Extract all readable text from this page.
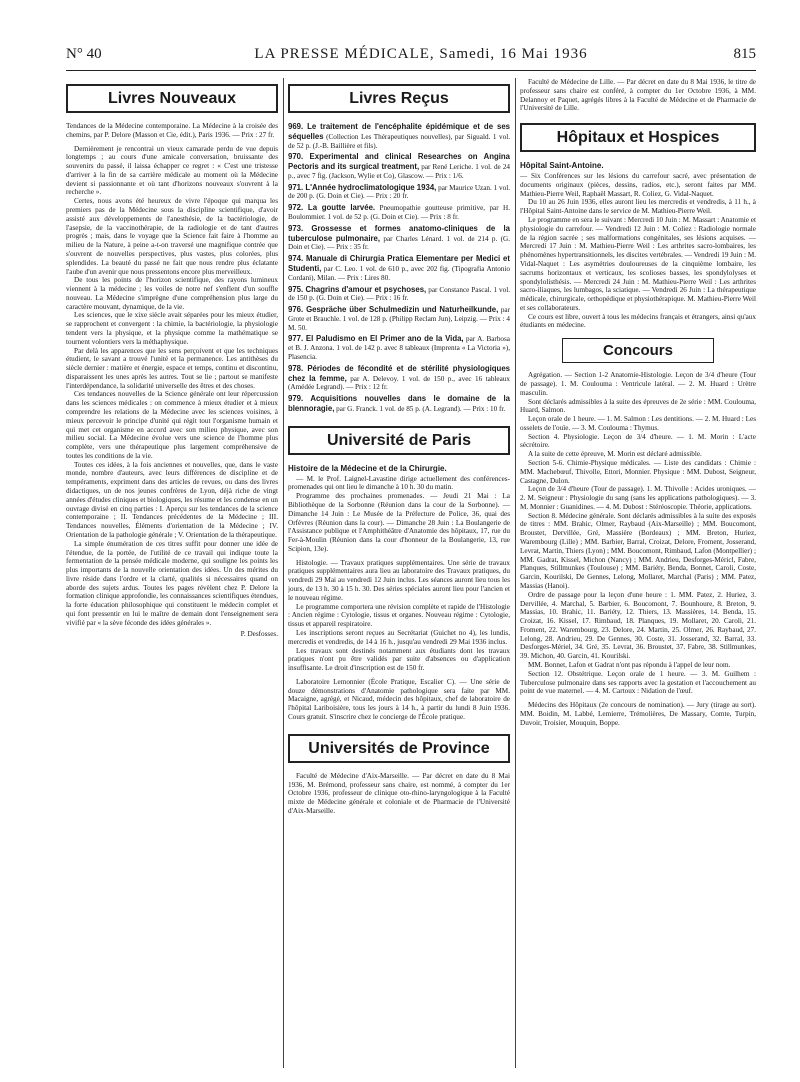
N° 40	LA PRESSE MÉDICALE, Samedi, 16 Mai 1936	815
Livres Nouveaux

Tendances de la Médecine contemporaine. La Médecine à la croisée des chemins, par P. Delore (Masson et Cie, édit.), Paris 1936. — Prix : 27 fr.

Dernièrement je rencontrai un vieux camarade perdu de vue depuis longtemps ; au cours d'une amicale conversation, bruissante des souvenirs du passé, il laissa échapper ce regret : « C'est une tristesse d'arriver à la fin de sa carrière médicale au moment où la Médecine devient si passionnante et où tant d'horizons nouveaux s'ouvrent à la recherche ».

Certes, nous avons été heureux de vivre l'époque qui marqua les premiers pas de la Médecine sous la discipline scientifique, d'avoir assisté aux développements de l'anesthésie, de la bactériologie, de l'asepsie, de la vaccinothérapie, de la radiologie et de tant d'autres progrès ; mais, dans le voyage que la Science fait faire à l'homme au milieu de la Nature, à peine a-t-on traversé une magnifique contrée que s'ouvrent de nouvelles perspectives, plus vastes, plus colorées, plus splendides. La beauté du passé ne fait que nous rendre plus éclatante l'aube d'un avenir que nous pressentons encore plus merveilleux.

De tous les points de l'horizon scientifique, des rayons lumineux viennent à la médecine ; les voiles de notre nef s'enflent d'un souffle nouveau. La Médecine s'imprègne d'une compréhension plus large du caractère mouvant, dynamique, de la vie.

Les sciences, que le xixe siècle avait séparées pour les mieux étudier, se rapprochent et convergent : la chimie, la bactériologie, la physiologie tendent vers la physique, et la physique comme la mathématique se tournent volontiers vers la méthaphysique.

Par delà les apparences que les sens perçoivent et que les techniques étudient, le savant a trouvé l'unité et la permanence. Les antithèses du siècle dernier : matière et énergie, espace et temps, continu et discontinu, disparaissent les unes après les autres. Tout se lie ; partout se manifeste l'interdépendance, la solidarité universelle des êtres et des choses.

Ces tendances nouvelles de la Science générale ont leur répercussion dans les sciences médicales : on commence à mieux étudier et à mieux comprendre les relations de la Médecine avec les sciences voisines, à mieux percevoir le principe d'unité qui régit tout l'organisme humain et qui met cet organisme en accord avec son milieu physique, avec son milieu social. La Médecine évolue vers une science de l'homme plus complète, vers une thérapeutique plus largement compréhensive de toutes les conditions de la vie.

Toutes ces idées, à la fois anciennes et nouvelles, que, dans le vaste monde, nombre d'auteurs, avec leurs différences de discipline et de tempéraments, expriment dans des articles de revues, ou dans des livres didactiques, un de nos jeunes confrères de Lyon, déjà riche de vingt années d'études cliniques et biologiques, les résume et les condense en un ouvrage divisé en cinq parties : I. Aperçu sur les tendances de la science contemporaine ; II. Tendances précédentes de la Médecine ; III. Tendances nouvelles, Éléments d'orientation de la Médecine ; IV. Orientation de la pathologie générale ; V. Orientation de la thérapeutique.

La simple énumération de ces titres suffit pour donner une idée de l'étendue, de la portée, de l'utilité de ce travail qui indique toute la fermentation de la pensée médicale moderne, qui souligne les points les plus importants de la nouvelle orientation des idées. Un des mérites du livre réside dans l'ordre et la clarté, qualités si nécessaires quand on aborde des sujets ardus. Toutes les pages révèlent chez P. Delore la formation clinique approfondie, les connaissances scientifiques étendues, la forte éducation philosophique qui constituent le médecin complet et qui font pressentir en lui le maître de demain dont l'enseignement sera vivifié par « la sève féconde des idées générales ».

P. Desfosses.
Livres Reçus
969. Le traitement de l'encéphalite épidémique et de ses séquelles (Collection Les Thérapeutiques nouvelles), par Siguald. 1 vol. de 52 p. (J.-B. Baillière et fils).
970. Experimental and clinical Researches on Angina Pectoris and its surgical treatment, par René Leriche. 1 vol. de 24 p., avec 7 fig. (Jackson, Wylie et Co), Glascow. — Prix : 1/6.
971. L'Année hydroclimatologique 1934, par Maurice Uzan. 1 vol. de 200 p. (G. Doin et Cie). — Prix : 20 fr.
972. La goutte larvée. Pneumopathie goutteuse primitive, par H. Boulommier. 1 vol. de 52 p. (G. Doin et Cie). — Prix : 8 fr.
973. Grossesse et formes anatomo-cliniques de la tuberculose pulmonaire, par Charles Lénard. 1 vol. de 214 p. (G. Doin et Cie). — Prix : 35 fr.
974. Manuale di Chirurgia Pratica Elementare per Medici et Studenti, par C. Leo. 1 vol. de 610 p., avec 202 fig. (Tipografia Antonio Cordani), Milan. — Prix : Lires 80.
975. Chagrins d'amour et psychoses, par Constance Pascal. 1 vol. de 150 p. (G. Doin et Cie). — Prix : 16 fr.
976. Gespräche über Schulmedizin und Naturheilkunde, par Grote et Brauchle. 1 vol. de 128 p. (Philipp Reclam Jun), Leipzig. — Prix : 4 M. 50.
977. El Paludismo en El Primer ano de la Vida, par A. Barbosa et B. J. Anzona. 1 vol. de 142 p. avec 8 tableaux (Imprenta « La Victoria »), Plasencia.
978. Périodes de fécondité et de stérilité physiologiques chez la femme, par A. Delevoy. 1 vol. de 150 p., avec 16 tableaux (Amédée Legrand). — Prix : 12 fr.
979. Acquisitions nouvelles dans le domaine de la blennoragie, par G. Franck. 1 vol. de 85 p. (A. Legrand). — Prix : 10 fr.
Université de Paris
Histoire de la Médecine et de la Chirurgie.

— M. le Prof. Laignel-Lavastine dirige actuellement des conférences-promenades qui ont lieu le dimanche à 10 h. 30 du matin.

Programme des prochaines promenades. — Jeudi 21 Mai : La Bibliothèque de la Sorbonne (Réunion dans la cour de la Sorbonne). — Dimanche 14 Juin : Le Musée de la Préfecture de Police, 36, quai des Orfèvres (Réunion dans la cour). — Dimanche 28 Juin : La Boulangerie de l'Assistance publique et l'Amphithéâtre d'Anatomie des hôpitaux, 17, rue du Fer-à-Moulin (Réunion dans la cour d'honneur de la Boulangerie, 13, rue Scipion, 13e).

Histologie. — Travaux pratiques supplémentaires. Une série de travaux pratiques supplémentaires aura lieu au laboratoire des Travaux pratiques, du vendredi 29 Mai au vendredi 12 Juin inclus. Les séances auront lieu tous les jours, de 13 h. 30 à 15 h. 30. Des séries spéciales auront lieu pour l'ancien et le nouveau régime.

Le programme comportera une révision complète et rapide de l'Histologie : Ancien régime : Cytologie, tissus et organes. Nouveau régime : Cytologie, tissus et appareil respiratoire.

Les inscriptions seront reçues au Secrétariat (Guichet no 4), les lundis, mercredis et vendredis, de 14 à 16 h., jusqu'au vendredi 29 Mai 1936 inclus.

Les travaux sont destinés notamment aux étudiants dont les travaux pratiques n'ont pu être validés par suite d'absences ou d'application insuffisante. Le droit d'inscription est de 150 fr.

Laboratoire Lemonnier (École Pratique, Escalier C). — Une série de douze démonstrations d'Anatomie pathologique sera faite par MM. Macaigne, agrégé, et Nicaud, médecin des hôpitaux, chef de laboratoire de l'hôpital Lariboisière, tous les jours à 14 h., à partir du lundi 8 Juin 1936. Cours gratuit. S'inscrire chez le concierge de l'École pratique.

Universités de Province

Faculté de Médecine d'Aix-Marseille. — Par décret en date du 8 Mai 1936, M. Brémond, professeur sans chaire, est nommé, à compter du 1er Octobre 1936, professeur de clinique oto-rhino-laryngologique à la Faculté mixte de Médecine générale et coloniale et de Pharmacie de l'Université d'Aix-Marseille.

Faculté de Médecine de Lille. — Par décret en date du 8 Mai 1936, le titre de professeur sans chaire est conféré, à compter du 1er Octobre 1936, à MM. Delannoy et Paquet, agrégés libres à la Faculté de Médecine et de Pharmacie de l'Université de Lille.

Hôpitaux et Hospices
Hôpital Saint-Antoine.

— Six Conférences sur les lésions du carrefour sacré, avec présentation de documents originaux (pièces, dessins, radios, etc.), seront faites par MM. Mathieu-Pierre Weil, Raphaël Massart, R. Coliez, G. Vidal-Naquet.

Du 10 au 26 Juin 1936, elles auront lieu les mercredis et vendredis, à 11 h., à l'Hôpital Saint-Antoine dans le service de M. Mathieu-Pierre Weil.

Le programme en sera le suivant : Mercredi 10 Juin : M. Massart : Anatomie et physiologie du carrefour. — Vendredi 12 Juin : M. Coliez : Radiologie normale de la région sacrée ; ses malformations congénitales, ses lésions acquises. — Mercredi 17 Juin : M. Mathieu-Pierre Weil : Les arthrites sacro-lombaires, les phénomènes hypertransitionnels, les discites vertébrales. — Vendredi 19 Juin : M. Vidal-Naquet : Les asymétries douloureuses de la cinquième lombaire, les sacrums horizontaux et verticaux, les scolioses basses, les spondylolyses et spondylolisthésis. — Mercredi 24 Juin : M. Mathieu-Pierre Weil : Les arthrites sacro-iliaques, les lumbagos, la sciatique. — Vendredi 26 Juin : La thérapeutique médicale, chirurgicale, orthopédique et physiothérapique. M. Mathieu-Pierre Weil et ses collaborateurs.

Ce cours est libre, ouvert à tous les médecins français et étrangers, ainsi qu'aux étudiants en médecine.

Concours

Agrégation. — Section 1-2 Anatomie-Histologie. Leçon de 3/4 d'heure (Tour de passage). 1. M. Coulouma : Ventricule latéral. — 2. M. Huard : Urètre masculin.

Sont déclarés admissibles à la suite des épreuves de 2e série : MM. Coulouma, Huard, Salmon.

Leçon orale de 1 heure. — 1. M. Salmon : Les dentitions. — 2. M. Huard : Les osselets de l'ouïe. — 3. M. Coulouma : Thymus.

Section 4. Physiologie. Leçon de 3/4 d'heure. — 1. M. Morin : L'acte sécrétoire.

A la suite de cette épreuve, M. Morin est déclaré admissible.

Section 5-6. Chimie-Physique médicales. — Liste des candidats : Chimie : MM. Machebœuf, Thivolle, Ettori, Monnier. Physique : MM. Dubost, Seigneur, Castagne, Dulon.

Leçon de 3/4 d'heure (Tour de passage). 1. M. Thivolle : Acides uroniques. — 2. M. Seigneur : Physiologie du sang (sans les applications pathologiques). — 3. M. Monnier : Guanidines. — 4. M. Dubost : Stéréoscopie. Théorie, applications.

Section 8. Médecine générale. Sont déclarés admissibles à la suite des exposés de titres : MM. Brahic, Olmer, Raybaud (Aix-Marseille) ; MM. Boucomont, Broustet, Dervillée, Gré, Massière (Bordeaux) ; MM. Breton, Huriez, Warembourg (Lille) ; MM. Barbier, Barral, Croizat, Delore, Froment, Josserand, Levrat, Martin, Thiers (Lyon) ; MM. Boucomont, Rimbaud, Lafon (Montpellier) ; MM. Gadrat, Kissel, Michon (Nancy) ; MM. Andrieu, Desforges-Méricl, Fabre, Planques, Stillmunkes (Toulouse) ; MM. Bariéty, Benda, Bonnet, Caroli, Coste, Garcin, Kourilski, De Gennes, Lelong, Mollaret, Marchal (Paris) ; MM. Patez, Massias (Hanoi).

Ordre de passage pour la leçon d'une heure : 1. MM. Patez, 2. Huriez, 3. Dervillée, 4. Marchal, 5. Barbier, 6. Boucomont, 7. Bounhoure, 8. Breton, 9. Massias, 10. Brahic, 11. Bariéty, 12. Thiers, 13. Massières, 14. Benda, 15. Croizat, 16. Kissel, 17. Rimbaud, 18. Planques, 19. Mollaret, 20. Caroli, 21. Froment, 22. Warembourg, 23. Delore, 24. Martin, 25. Olmer, 26. Raybaud, 27. Lelong, 28. Andrieu, 29. De Gennes, 30. Coste, 31. Josserand, 32. Barral, 33. Desforges-Mériel, 34. Gré, 35. Levrat, 36. Broustet, 37. Fabre, 38. Stillmunkes, 39. Michon, 40. Garcin, 41. Kourilski.

MM. Bonnet, Lafon et Gadrat n'ont pas répondu à l'appel de leur nom.

Section 12. Obstétrique. Leçon orale de 1 heure. — 3. M. Guilhem : Tuberculose pulmonaire dans ses rapports avec la gestation et l'accouchement au point de vue maternel. — 4. M. Cartoux : Nidation de l'œuf.

Médecins des Hôpitaux (2e concours de nomination). — Jury (tirage au sort). MM. Boidin, M. Labbé, Lemierre, Trémolières, De Massary, Comte, Turpin, Duvoir, Troisier, Mouquin, Boppe.
